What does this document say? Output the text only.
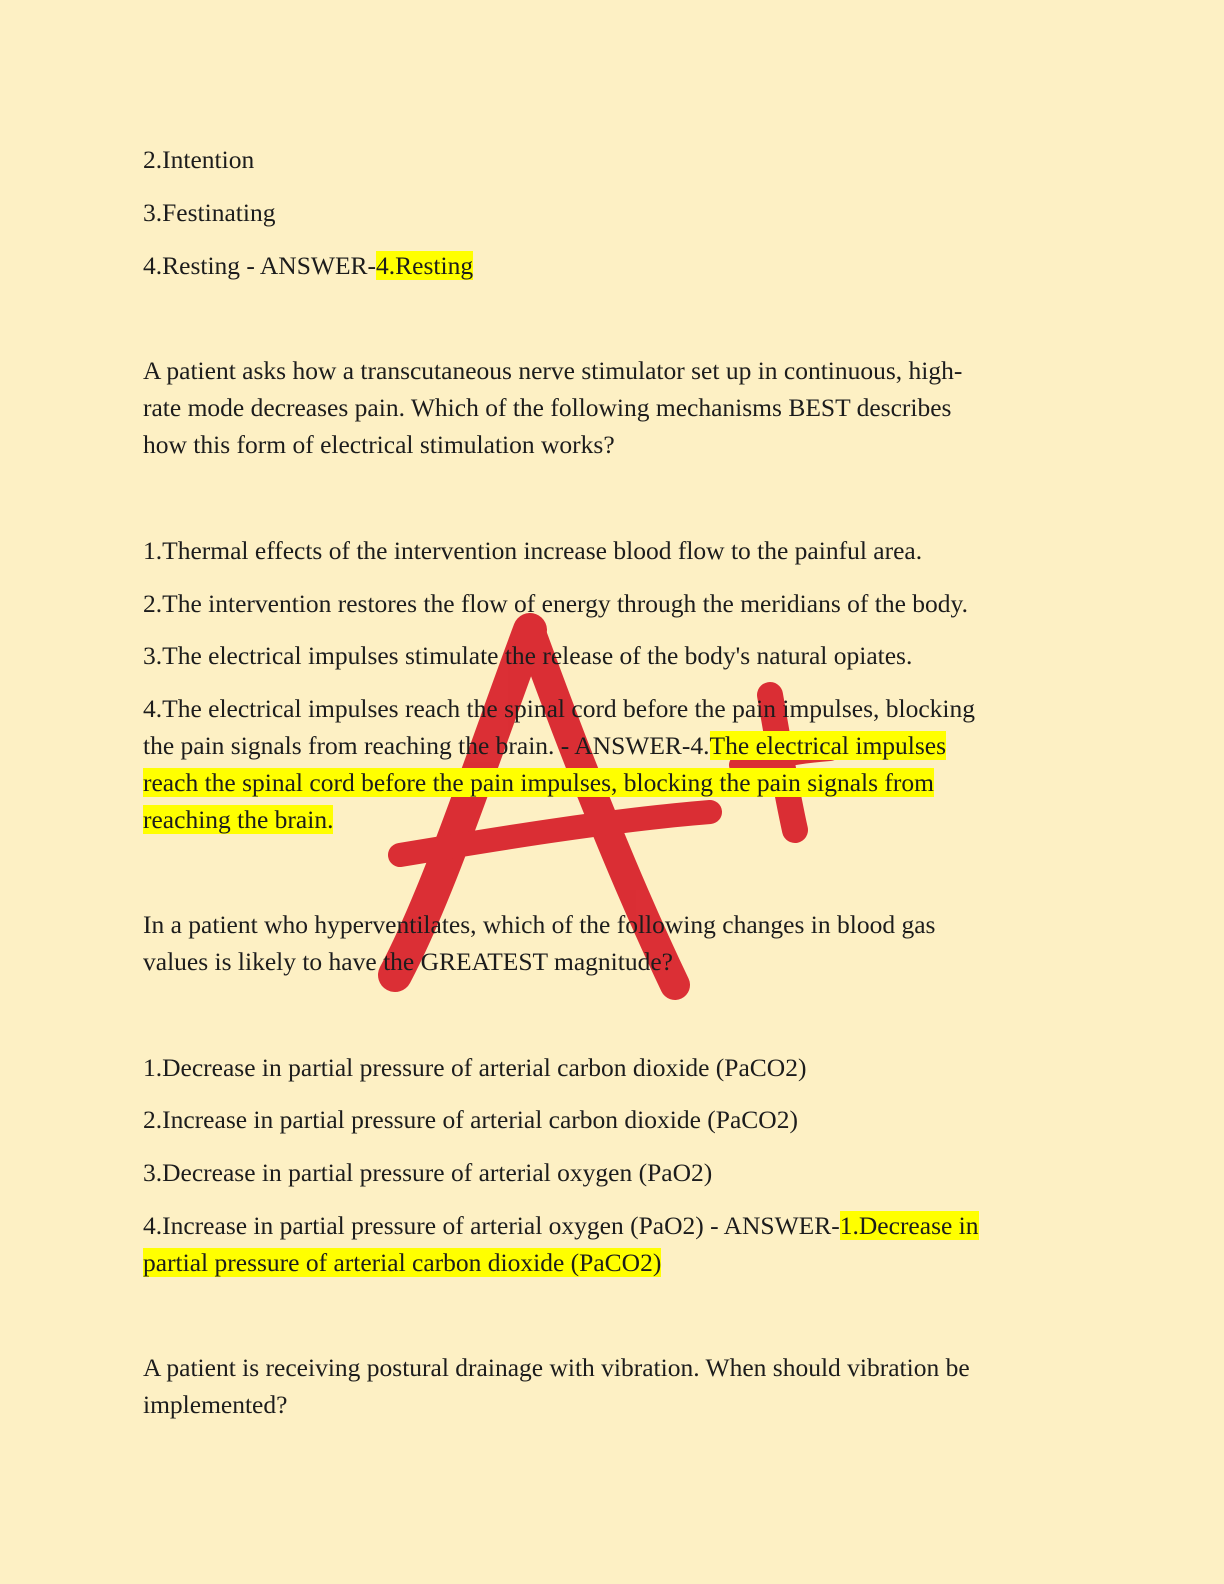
2.Intention
3.Festinating
4.Resting - ANSWER-4.Resting
A patient asks how a transcutaneous nerve stimulator set up in continuous, high-
rate mode decreases pain. Which of the following mechanisms BEST describes
how this form of electrical stimulation works?
1.Thermal effects of the intervention increase blood flow to the painful area.
2.The intervention restores the flow of energy through the meridians of the body.
3.The electrical impulses stimulate the release of the body's natural opiates.
4.The electrical impulses reach the spinal cord before the pain impulses, blocking
the pain signals from reaching the brain. - ANSWER-4.The electrical impulses
reach the spinal cord before the pain impulses, blocking the pain signals from
reaching the brain.
In a patient who hyperventilates, which of the following changes in blood gas
values is likely to have the GREATEST magnitude?
1.Decrease in partial pressure of arterial carbon dioxide (PaCO2)
2.Increase in partial pressure of arterial carbon dioxide (PaCO2)
3.Decrease in partial pressure of arterial oxygen (PaO2)
4.Increase in partial pressure of arterial oxygen (PaO2) - ANSWER-1.Decrease in
partial pressure of arterial carbon dioxide (PaCO2)
A patient is receiving postural drainage with vibration. When should vibration be
implemented?
